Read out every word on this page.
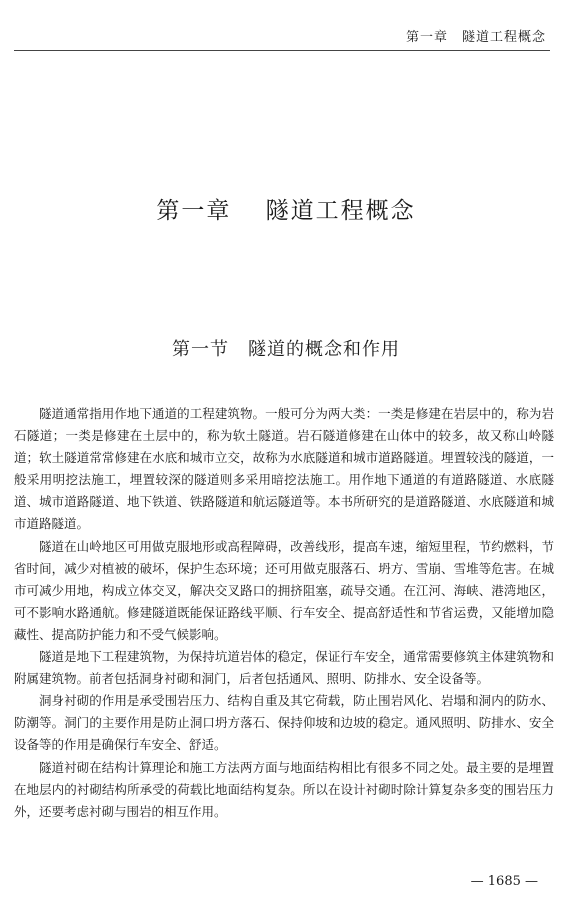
第一章　隧道工程概念
第一章　 隧道工程概念
第一节　隧道的概念和作用

隧道通常指用作地下通道的工程建筑物。一般可分为两大类：一类是修建在岩层中的，称为岩石隧道；一类是修建在土层中的，称为软土隧道。岩石隧道修建在山体中的较多，故又称山岭隧道；软土隧道常常修建在水底和城市立交，故称为水底隧道和城市道路隧道。埋置较浅的隧道，一般采用明挖法施工，埋置较深的隧道则多采用暗挖法施工。用作地下通道的有道路隧道、水底隧道、城市道路隧道、地下铁道、铁路隧道和航运隧道等。本书所研究的是道路隧道、水底隧道和城市道路隧道。

隧道在山岭地区可用做克服地形或高程障碍，改善线形，提高车速，缩短里程，节约燃料，节省时间，减少对植被的破坏，保护生态环境；还可用做克服落石、坍方、雪崩、雪堆等危害。在城市可减少用地，构成立体交叉，解决交叉路口的拥挤阻塞，疏导交通。在江河、海峡、港湾地区，可不影响水路通航。修建隧道既能保证路线平顺、行车安全、提高舒适性和节省运费，又能增加隐藏性、提高防护能力和不受气候影响。

隧道是地下工程建筑物，为保持坑道岩体的稳定，保证行车安全，通常需要修筑主体建筑物和附属建筑物。前者包括洞身衬砌和洞门，后者包括通风、照明、防排水、安全设备等。

洞身衬砌的作用是承受围岩压力、结构自重及其它荷载，防止围岩风化、岩塌和洞内的防水、防潮等。洞门的主要作用是防止洞口坍方落石、保持仰坡和边坡的稳定。通风照明、防排水、安全设备等的作用是确保行车安全、舒适。

隧道衬砌在结构计算理论和施工方法两方面与地面结构相比有很多不同之处。最主要的是埋置在地层内的衬砌结构所承受的荷载比地面结构复杂。所以在设计衬砌时除计算复杂多变的围岩压力外，还要考虑衬砌与围岩的相互作用。

— 1685 —
